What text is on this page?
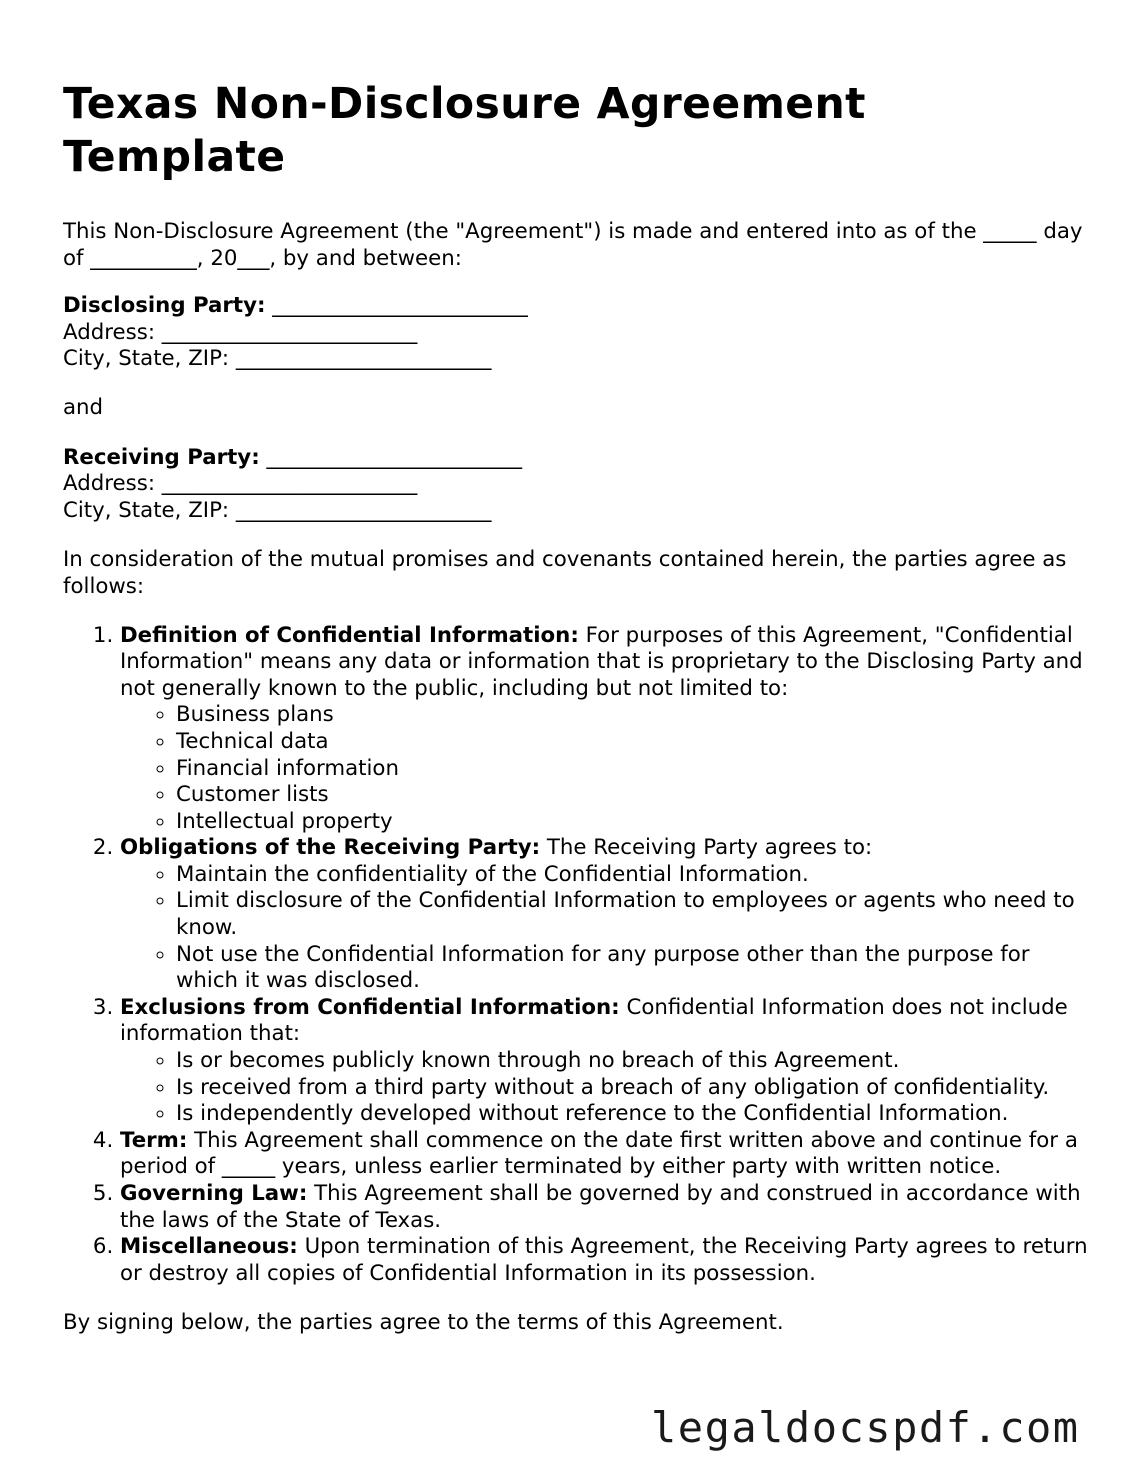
Texas Non-Disclosure Agreement Template

This Non-Disclosure Agreement (the "Agreement") is made and entered into as of the _____ day of __________, 20___, by and between:

Disclosing Party: ________________________
Address: ________________________
City, State, ZIP: ________________________

and

Receiving Party: ________________________
Address: ________________________
City, State, ZIP: ________________________

In consideration of the mutual promises and covenants contained herein, the parties agree as follows:

1. Definition of Confidential Information: For purposes of this Agreement, "Confidential Information" means any data or information that is proprietary to the Disclosing Party and not generally known to the public, including but not limited to:
◦ Business plans
◦ Technical data
◦ Financial information
◦ Customer lists
◦ Intellectual property
2. Obligations of the Receiving Party: The Receiving Party agrees to:
◦ Maintain the confidentiality of the Confidential Information.
◦ Limit disclosure of the Confidential Information to employees or agents who need to know.
◦ Not use the Confidential Information for any purpose other than the purpose for which it was disclosed.
3. Exclusions from Confidential Information: Confidential Information does not include information that:
◦ Is or becomes publicly known through no breach of this Agreement.
◦ Is received from a third party without a breach of any obligation of confidentiality.
◦ Is independently developed without reference to the Confidential Information.
4. Term: This Agreement shall commence on the date first written above and continue for a period of _____ years, unless earlier terminated by either party with written notice.
5. Governing Law: This Agreement shall be governed by and construed in accordance with the laws of the State of Texas.
6. Miscellaneous: Upon termination of this Agreement, the Receiving Party agrees to return or destroy all copies of Confidential Information in its possession.

By signing below, the parties agree to the terms of this Agreement.

legaldocspdf.com
